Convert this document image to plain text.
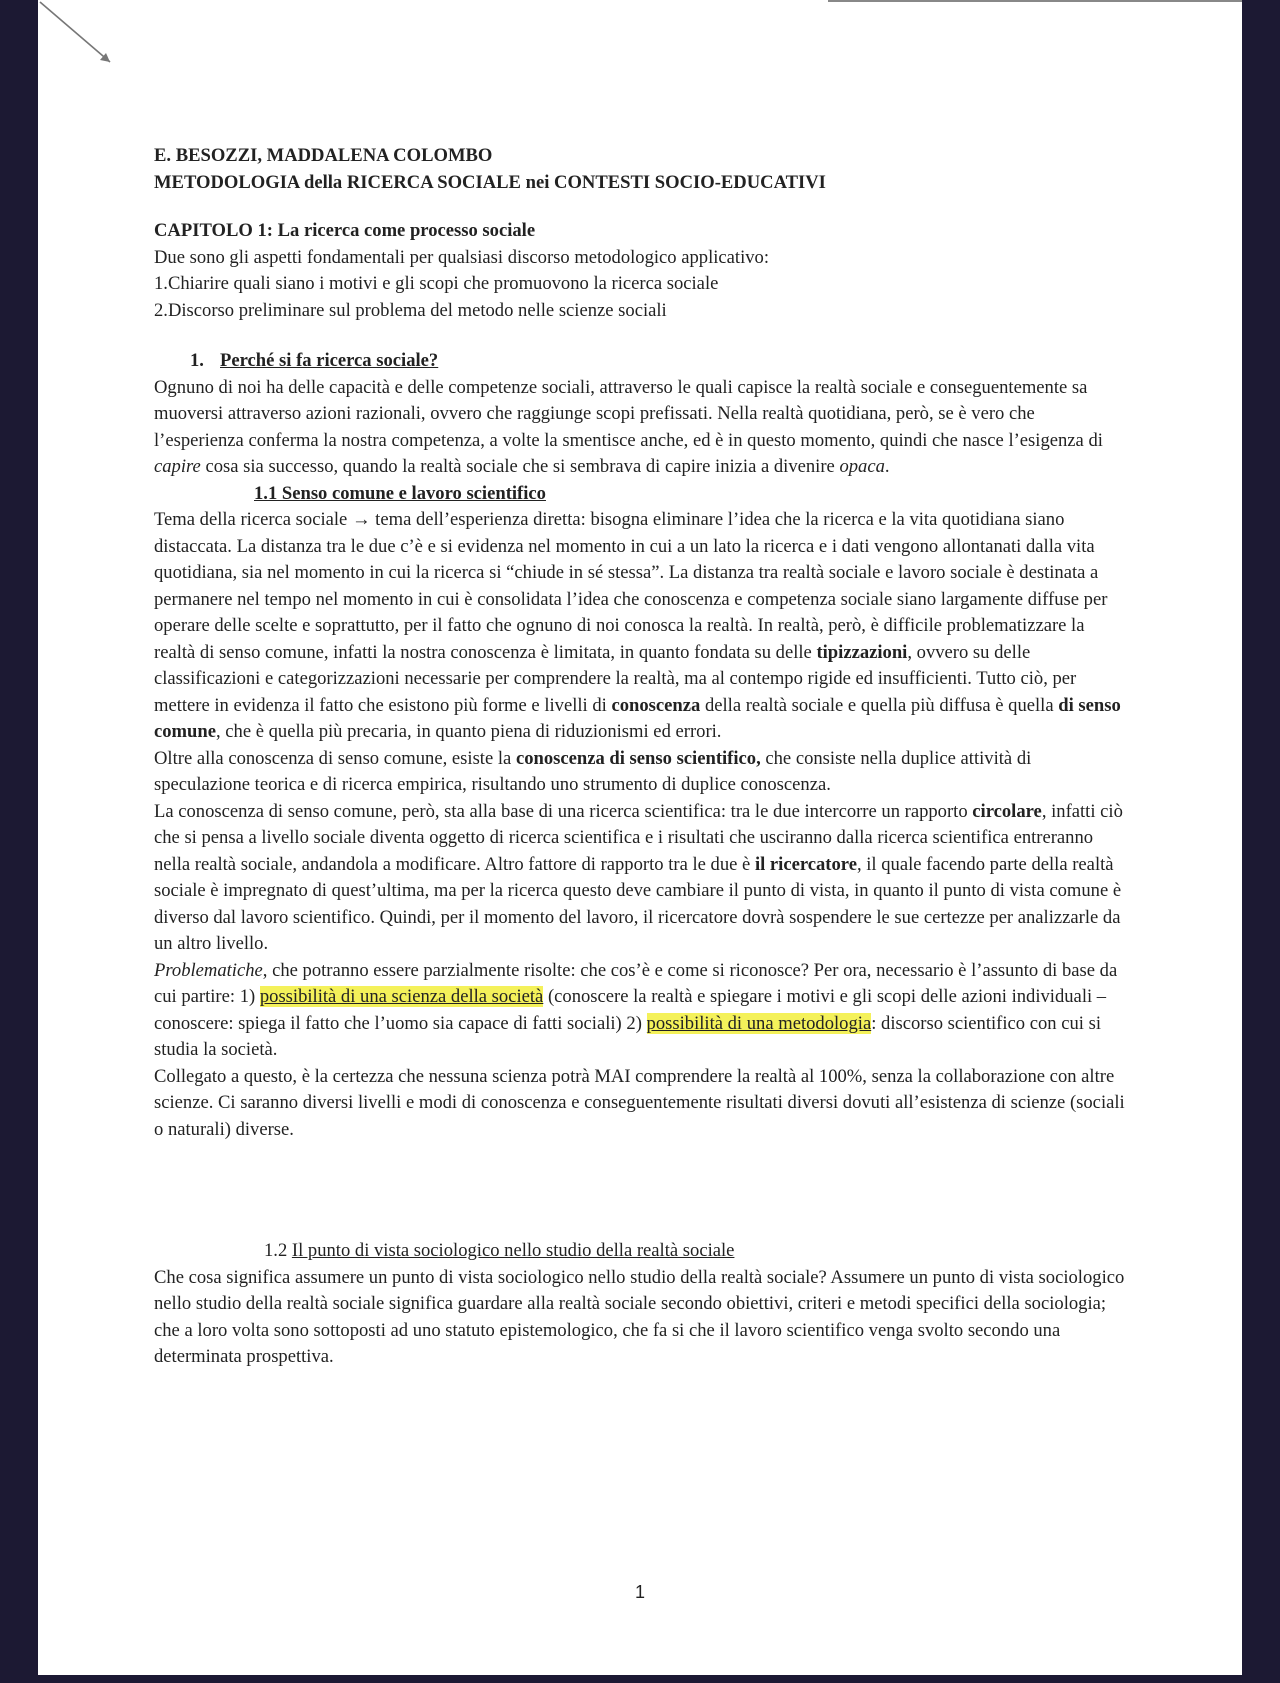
E. BESOZZI, MADDALENA COLOMBO

METODOLOGIA della RICERCA SOCIALE nei CONTESTI SOCIO-EDUCATIVI

CAPITOLO 1: La ricerca come processo sociale

Due sono gli aspetti fondamentali per qualsiasi discorso metodologico applicativo:

1.Chiarire quali siano i motivi e gli scopi che promuovono la ricerca sociale

2.Discorso preliminare sul problema del metodo nelle scienze sociali

1. Perché si fa ricerca sociale?

Ognuno di noi ha delle capacità e delle competenze sociali, attraverso le quali capisce la realtà sociale e conseguentemente sa muoversi attraverso azioni razionali, ovvero che raggiunge scopi prefissati. Nella realtà quotidiana, però, se è vero che l’esperienza conferma la nostra competenza, a volte la smentisce anche, ed è in questo momento, quindi che nasce l’esigenza di capire cosa sia successo, quando la realtà sociale che si sembrava di capire inizia a divenire opaca.

1.1 Senso comune e lavoro scientifico

Tema della ricerca sociale → tema dell’esperienza diretta: bisogna eliminare l’idea che la ricerca e la vita quotidiana siano distaccata. La distanza tra le due c’è e si evidenza nel momento in cui a un lato la ricerca e i dati vengono allontanati dalla vita quotidiana, sia nel momento in cui la ricerca si “chiude in sé stessa”. La distanza tra realtà sociale e lavoro sociale è destinata a permanere nel tempo nel momento in cui è consolidata l’idea che conoscenza e competenza sociale siano largamente diffuse per operare delle scelte e soprattutto, per il fatto che ognuno di noi conosca la realtà. In realtà, però, è difficile problematizzare la realtà di senso comune, infatti la nostra conoscenza è limitata, in quanto fondata su delle tipizzazioni, ovvero su delle classificazioni e categorizzazioni necessarie per comprendere la realtà, ma al contempo rigide ed insufficienti. Tutto ciò, per mettere in evidenza il fatto che esistono più forme e livelli di conoscenza della realtà sociale e quella più diffusa è quella di senso comune, che è quella più precaria, in quanto piena di riduzionismi ed errori.

Oltre alla conoscenza di senso comune, esiste la conoscenza di senso scientifico, che consiste nella duplice attività di speculazione teorica e di ricerca empirica, risultando uno strumento di duplice conoscenza.

La conoscenza di senso comune, però, sta alla base di una ricerca scientifica: tra le due intercorre un rapporto circolare, infatti ciò che si pensa a livello sociale diventa oggetto di ricerca scientifica e i risultati che usciranno dalla ricerca scientifica entreranno nella realtà sociale, andandola a modificare. Altro fattore di rapporto tra le due è il ricercatore, il quale facendo parte della realtà sociale è impregnato di quest’ultima, ma per la ricerca questo deve cambiare il punto di vista, in quanto il punto di vista comune è diverso dal lavoro scientifico. Quindi, per il momento del lavoro, il ricercatore dovrà sospendere le sue certezze per analizzarle da un altro livello.

Problematiche, che potranno essere parzialmente risolte: che cos’è e come si riconosce? Per ora, necessario è l’assunto di base da cui partire: 1) possibilità di una scienza della società (conoscere la realtà e spiegare i motivi e gli scopi delle azioni individuali – conoscere: spiega il fatto che l’uomo sia capace di fatti sociali) 2) possibilità di una metodologia: discorso scientifico con cui si studia la società.

Collegato a questo, è la certezza che nessuna scienza potrà MAI comprendere la realtà al 100%, senza la collaborazione con altre scienze. Ci saranno diversi livelli e modi di conoscenza e conseguentemente risultati diversi dovuti all’esistenza di scienze (sociali o naturali) diverse.

1.2 Il punto di vista sociologico nello studio della realtà sociale

Che cosa significa assumere un punto di vista sociologico nello studio della realtà sociale? Assumere un punto di vista sociologico nello studio della realtà sociale significa guardare alla realtà sociale secondo obiettivi, criteri e metodi specifici della sociologia; che a loro volta sono sottoposti ad uno statuto epistemologico, che fa si che il lavoro scientifico venga svolto secondo una determinata prospettiva.

1
